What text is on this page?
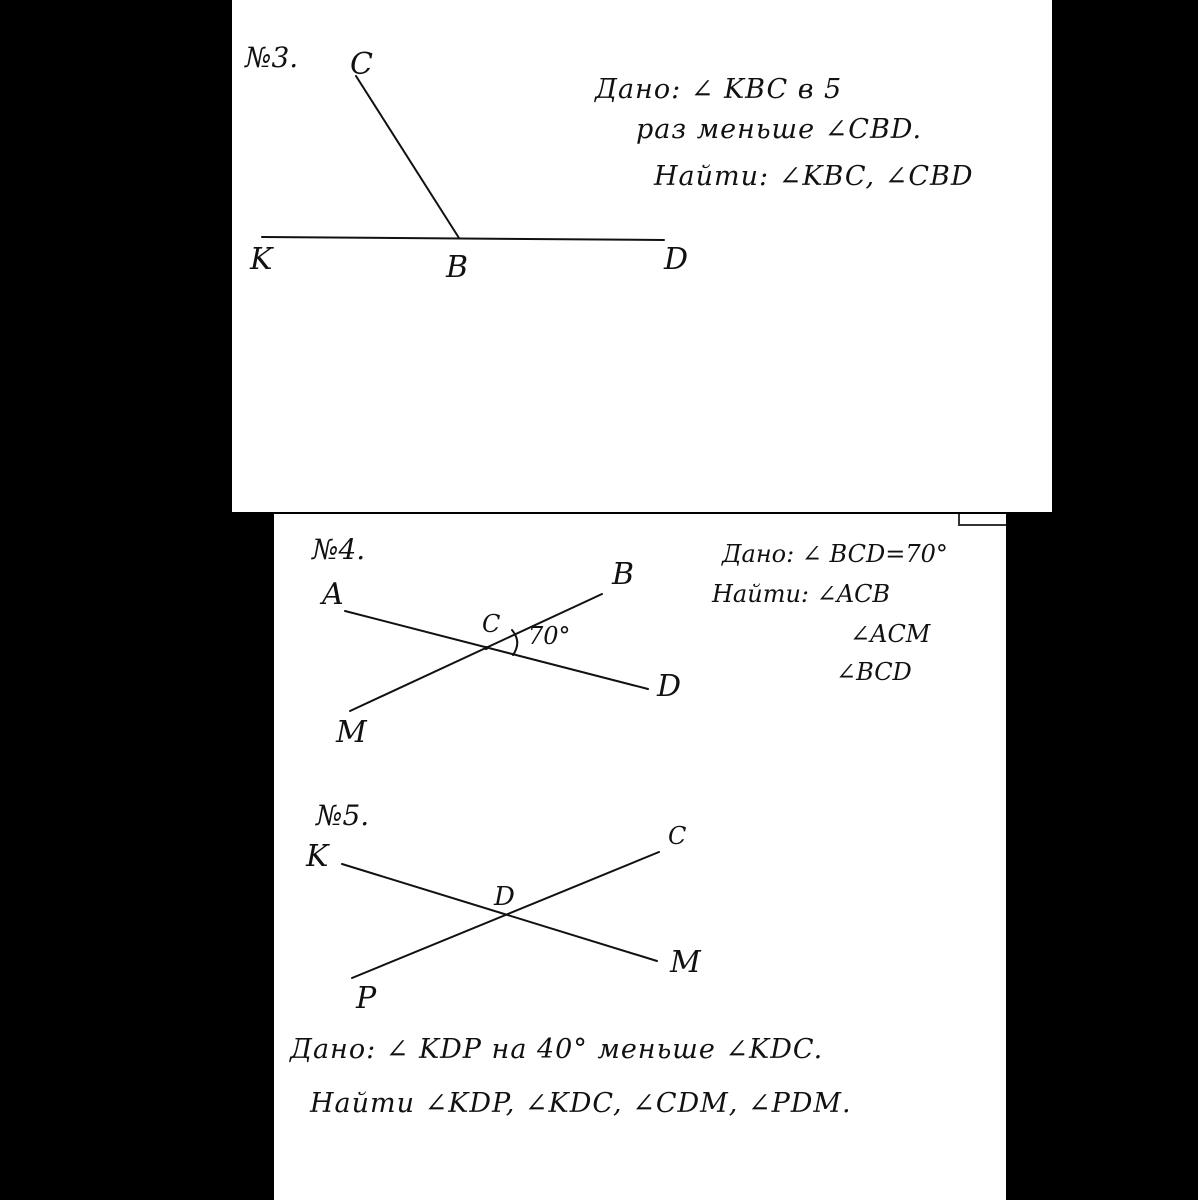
№3. C
K	B	D
Дано: ∠ KBC в 5
раз меньше ∠CBD.
Найти: ∠KBC, ∠CBD
№4.
A
B
C 70°
D
M
Дано: ∠ BCD=70°
Найти: ∠ACB
∠ACM
∠BCD
№5.
K
C
D
M
P
Дано: ∠ KDP на 40° меньше ∠KDC.
Найти ∠KDP, ∠KDC, ∠CDM, ∠PDM.
